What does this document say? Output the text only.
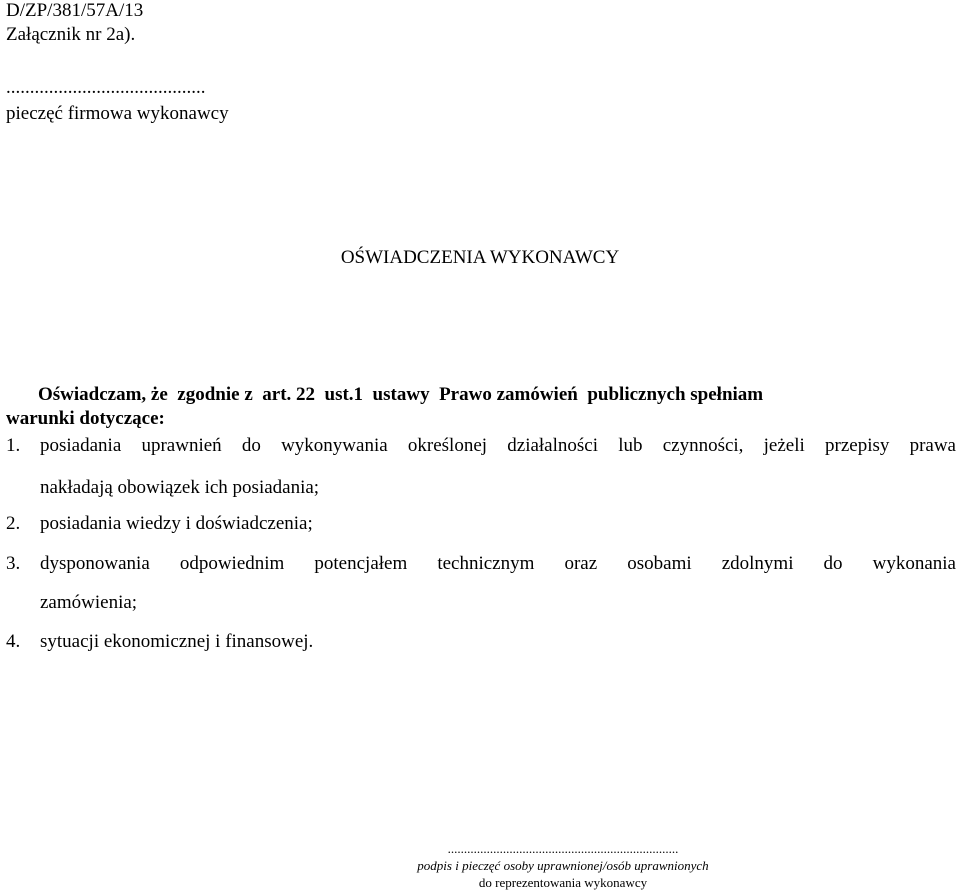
D/ZP/381/57A/13
Załącznik nr 2a).
..........................................
pieczęć firmowa wykonawcy
OŚWIADCZENIA WYKONAWCY
Oświadczam, że  zgodnie z  art. 22  ust.1  ustawy  Prawo zamówień  publicznych spełniam
warunki dotyczące:
1. posiadania uprawnień do wykonywania określonej działalności lub czynności, jeżeli przepisy prawa
nakładają obowiązek ich posiadania;
2. posiadania wiedzy i doświadczenia;
3. dysponowania odpowiednim potencjałem technicznym oraz osobami zdolnymi do wykonania
zamówienia;
4. sytuacji ekonomicznej i finansowej.
.......................................................................
podpis i pieczęć osoby uprawnionej/osób uprawnionych
do reprezentowania wykonawcy
